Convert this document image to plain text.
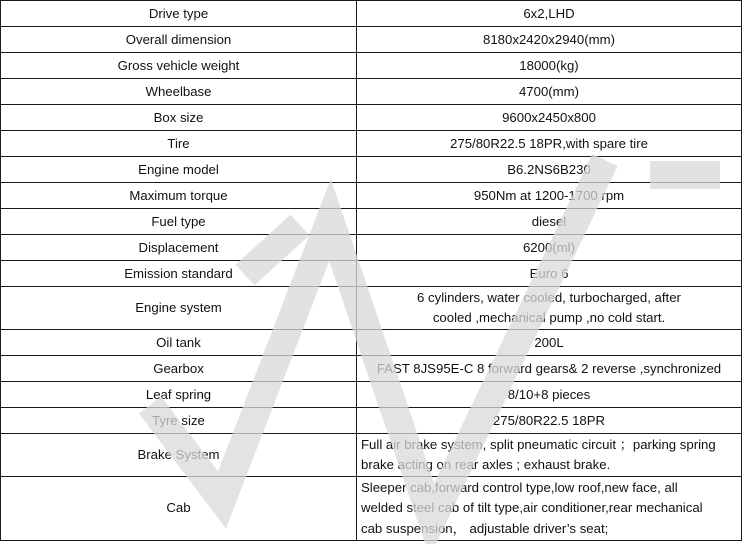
Drive type	6x2,LHD
Overall dimension	8180x2420x2940(mm)
Gross vehicle weight	18000(kg)
Wheelbase	4700(mm)
Box size	9600x2450x800
Tire	275/80R22.5 18PR,with spare tire
Engine model	B6.2NS6B230
Maximum torque	950Nm at 1200-1700 rpm
Fuel type	diesel
Displacement	6200(ml)
Emission standard	Euro 6
Engine system	6 cylinders, water cooled, turbocharged, after
cooled ,mechanical pump ,no cold start.

Oil tank	200L
Gearbox	FAST 8JS95E-C 8 forward gears& 2 reverse ,synchronized
Leaf spring	8/10+8 pieces
Tyre size	275/80R22.5 18PR
Brake System	Full air brake system, split pneumatic circuit ；parking spring
brake acting on rear axles ; exhaust brake.

Cab	Sleeper cab,forward control type,low roof,new face, all
welded steel cab of tilt type,air conditioner,rear mechanical
cab suspension， adjustable driver’s seat;
